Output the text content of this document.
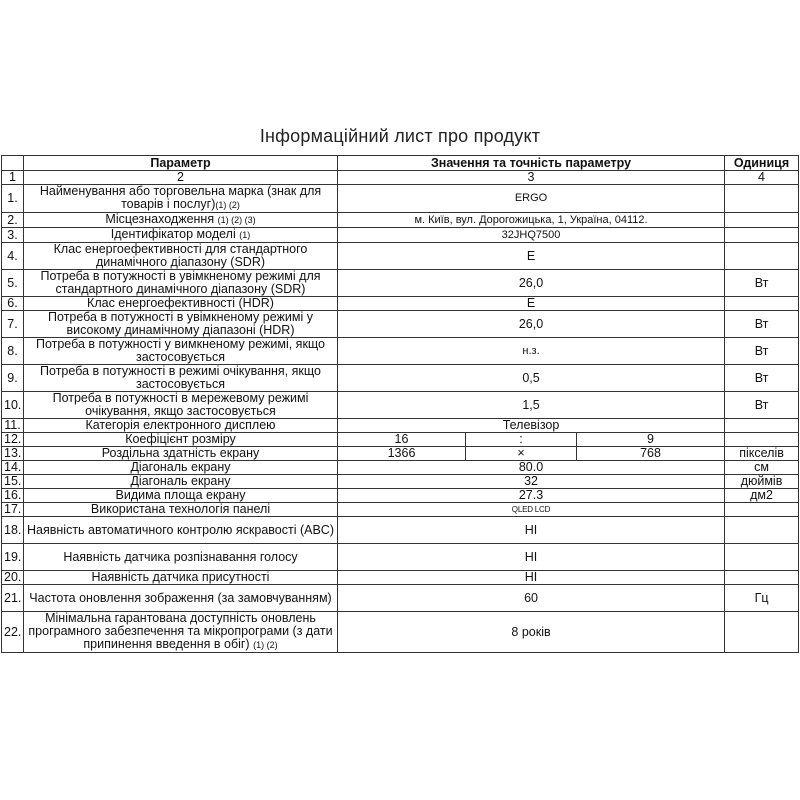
Інформаційний лист про продукт
	Параметр	Значення та точність параметру			Одиниця
1	2	3			4
1.	Найменування або торговельна марка (знак для товарів і послуг)(1) (2)	ERGO			
2.	Місцезнаходження (1) (2) (3)	м. Київ, вул. Дорогожицька, 1, Україна, 04112.			
3.	Ідентифікатор моделі (1)	32JHQ7500			
4.	Клас енергоефективності для стандартного динамічного діапазону (SDR)	E			
5.	Потреба в потужності в увімкненому режимі для стандартного динамічного діапазону (SDR)	26,0			Вт
6.	Клас енергоефективності (HDR)	E			
7.	Потреба в потужності в увімкненому режимі у високому динамічному діапазоні (HDR)	26,0			Вт
8.	Потреба в потужності у вимкненому режимі, якщо застосовується	н.з.			Вт
9.	Потреба в потужності в режимі очікування, якщо застосовується	0,5			Вт
10.	Потреба в потужності в мережевому режимі очікування, якщо застосовується	1,5			Вт
11.	Категорія електронного дисплею	Телевізор			
12.	Коефіцієнт розміру	16	:	9	
13.	Роздільна здатність екрану	1366	×	768	пікселів
14.	Діагональ екрану	80.0			см
15.	Діагональ екрану	32			дюймів
16.	Видима площа екрану	27.3			дм2
17.	Використана технологія панелі	QLED LCD			
18.	Наявність автоматичного контролю яскравості (ABC)	НІ			
19.	Наявність датчика розпізнавання голосу	НІ			
20.	Наявність датчика присутності	НІ			
21.	Частота оновлення зображення (за замовчуванням)	60			Гц
22.	Мінімальна гарантована доступність оновлень програмного забезпечення та мікропрограми (з дати припинення введення в обіг) (1) (2)	8 років			
